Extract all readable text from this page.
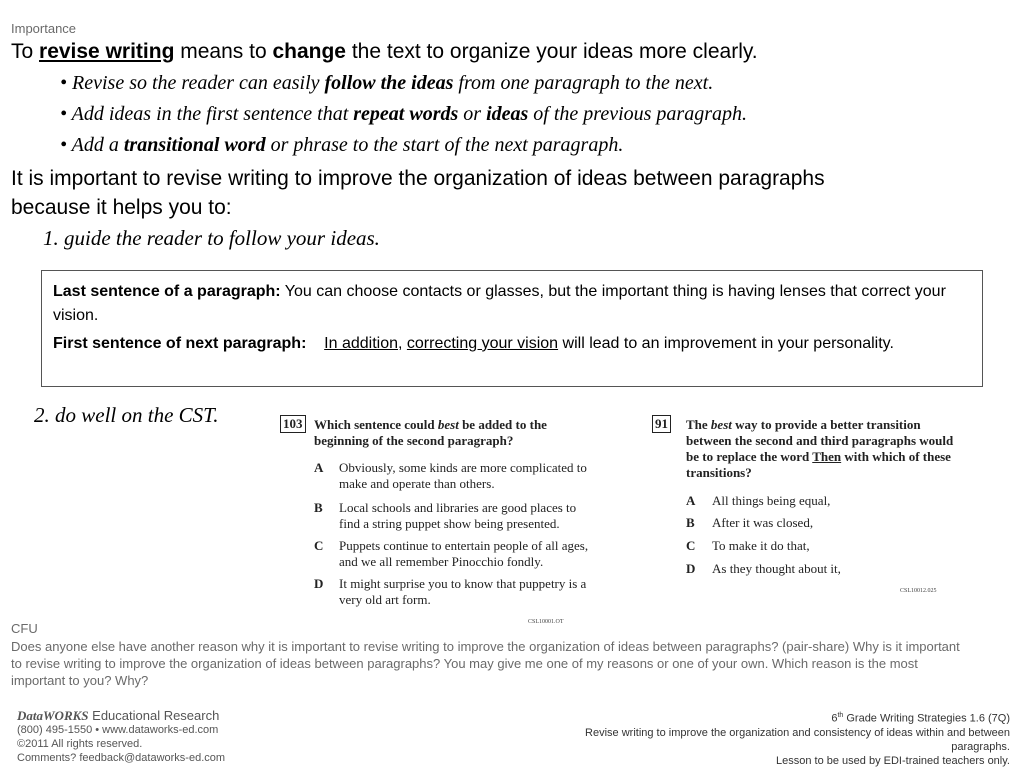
Importance
To revise writing means to change the text to organize your ideas more clearly.
• Revise so the reader can easily follow the ideas from one paragraph to the next.
• Add ideas in the first sentence that repeat words or ideas of the previous paragraph.
• Add a transitional word or phrase to the start of the next paragraph.
It is important to revise writing to improve the organization of ideas between paragraphs because it helps you to:
1. guide the reader to follow your ideas.

Last sentence of a paragraph: You can choose contacts or glasses, but the important thing is having lenses that correct your vision.

First sentence of next paragraph: In addition, correcting your vision will lead to an improvement in your personality.

2. do well on the CST.	103 Which sentence could best be added to the beginning of the second paragraph?
A Obviously, some kinds are more complicated to make and operate than others.
B Local schools and libraries are good places to find a string puppet show being presented.
C Puppets continue to entertain people of all ages, and we all remember Pinocchio fondly.
D It might surprise you to know that puppetry is a very old art form.
CSL10001.OT
91 The best way to provide a better transition between the second and third paragraphs would be to replace the word Then with which of these transitions?
A All things being equal,
B After it was closed,
C To make it do that,
D As they thought about it,
CSL10012.025
CFU
Does anyone else have another reason why it is important to revise writing to improve the organization of ideas between paragraphs? (pair-share) Why is it important to revise writing to improve the organization of ideas between paragraphs? You may give me one of my reasons or one of your own. Which reason is the most important to you? Why?
DataWORKS Educational Research
(800) 495-1550 • www.dataworks-ed.com
©2011 All rights reserved.
Comments? feedback@dataworks-ed.com
6th Grade Writing Strategies 1.6 (7Q)
Revise writing to improve the organization and consistency of ideas within and between paragraphs.
Lesson to be used by EDI-trained teachers only.
